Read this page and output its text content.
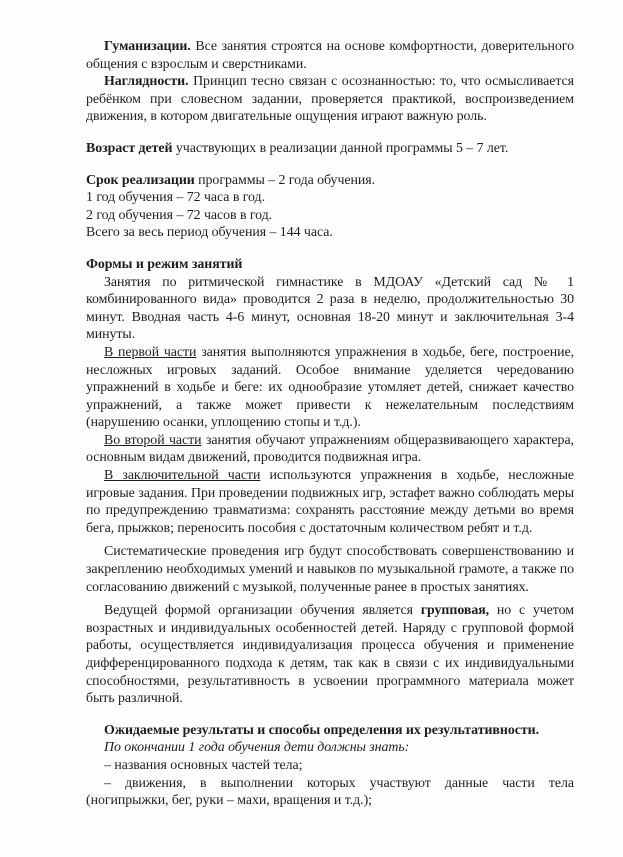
Гуманизации. Все занятия строятся на основе комфортности, доверительного общения с взрослым и сверстниками.

Наглядности. Принцип тесно связан с осознанностью: то, что осмысливается ребёнком при словесном задании, проверяется практикой, воспроизведением движения, в котором двигательные ощущения играют важную роль.

Возраст детей участвующих в реализации данной программы 5 – 7 лет.

Срок реализации программы – 2 года обучения.

1 год обучения – 72 часа в год.

2 год обучения – 72 часов в год.

Всего за весь период обучения – 144 часа.

Формы и режим занятий

Занятия по ритмической гимнастике в МДОАУ «Детский сад № 1 комбинированного вида» проводится 2 раза в неделю, продолжительностью 30 минут. Вводная часть 4-6 минут, основная 18-20 минут и заключительная 3-4 минуты.

В первой части занятия выполняются упражнения в ходьбе, беге, построение, несложных игровых заданий. Особое внимание уделяется чередованию упражнений в ходьбе и беге: их однообразие утомляет детей, снижает качество упражнений, а также может привести к нежелательным последствиям (нарушению осанки, уплощению стопы и т.д.).

Во второй части занятия обучают упражнениям общеразвивающего характера, основным видам движений, проводится подвижная игра.

В заключительной части используются упражнения в ходьбе, несложные игровые задания. При проведении подвижных игр, эстафет важно соблюдать меры по предупреждению травматизма: сохранять расстояние между детьми во время бега, прыжков; переносить пособия с достаточным количеством ребят и т.д.

Систематические проведения игр будут способствовать совершенствованию и закреплению необходимых умений и навыков по музыкальной грамоте, а также по согласованию движений с музыкой, полученные ранее в простых занятиях.

Ведущей формой организации обучения является групповая, но с учетом возрастных и индивидуальных особенностей детей. Наряду с групповой формой работы, осуществляется индивидуализация процесса обучения и применение дифференцированного подхода к детям, так как в связи с их индивидуальными способностями, результативность в усвоении программного материала может быть различной.

Ожидаемые результаты и способы определения их результативности.

По окончании 1 года обучения дети должны знать:

– названия основных частей тела;

– движения, в выполнении которых участвуют данные части тела (ногипрыжки, бег, руки – махи, вращения и т.д.);
